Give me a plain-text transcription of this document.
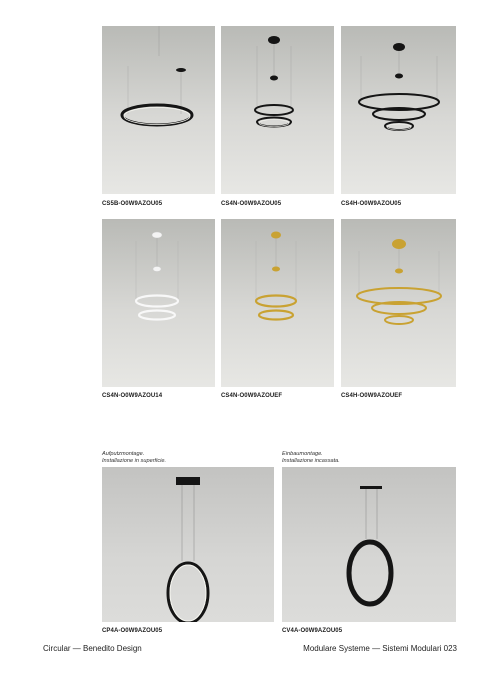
CS5B-O0W9AZOU05	CS4N-O0W9AZOU05	CS4H-O0W9AZOU05
CS4N-O0W9AZOU14	CS4N-O0W9AZOUEF	CS4H-O0W9AZOUEF
Aufputzmontage.
Installazione in superficie.
Einbaumontage.
Installazione incassata.
CP4A-O0W9AZOU05	CV4A-O0W9AZOU05
Circular — Benedito Design	Modulare Systeme — Sistemi Modulari 023
